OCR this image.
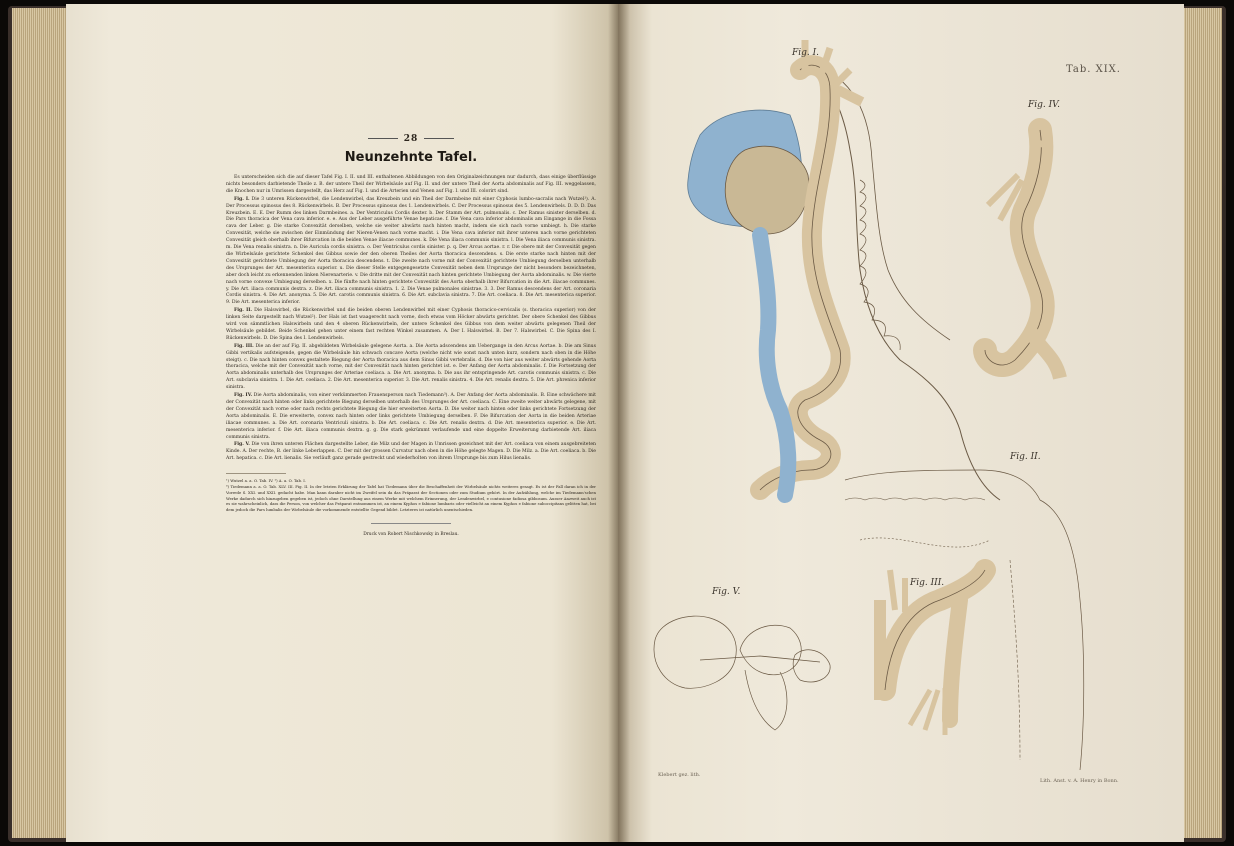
28
Neunzehnte Tafel.
Es unterscheiden sich die auf dieser Tafel Fig. I. II. und III. enthaltenen Abbildungen von den Originalzeichnungen nur dadurch, dass einige überflüssige nichts besonders darbietende Theile z. B. der untere Theil der Wirbelsäule auf Fig. II. und der untere Theil der Aorta abdominalis auf Fig. III. weggelassen, die Knochen nur in Umrissen dargestellt, das Herz auf Fig. I. und die Arterien und Venen auf Fig. I. und III. colorirt sind.
Fig. I. Die 3 unteren Rückenwirbel, die Lendenwirbel, das Kreuzbein und ein Theil der Darmbeine mit einer Cyphosis lumbo-sacralis nach Wutzel¹). A. Der Processus spinosus des 8. Rückenwirbels. B. Der Processus spinosus des 1. Lendenwirbels. C. Der Processus spinosus des 5. Lendenwirbels. D. D. D. Das Kreuzbein. E. E. Der Rumm des linken Darmbeines. a. Der Ventriculus Cordis dexter. b. Der Stamm der Art. pulmonalis. c. Der Ramus sinister derselben. d. Die Pars thoracica der Vena cava inferior. e. e. Aus der Leber ausgeführte Venae hepaticae. f. Die Vena cava inferior abdominalis am Eingange in die Fossa cava der Leber. g. Die starke Convexität derselben, welche sie weiter abwärts nach hinten macht, indem sie sich nach vorne umbiegt. h. Die starke Convexität, welche sie zwischen der Einmündung der Nieren-Venen nach vorne macht. i. Die Vena cava inferior mit ihrer unteren nach vorne gerichteten Convexität gleich oberhalb ihrer Bifurcation in die beiden Venae iliacae communes. k. Die Vena iliaca communis sinistra. l. Die Vena iliaca communis sinistra. m. Die Vena renalis sinistra. n. Die Auricula cordis sinistra. o. Der Ventriculus cordis sinister. p. q. Der Arcus aortae. r. r. Die obere mit der Convexität gegen die Wirbelsäule gerichtete Schenkel des Gibbus sowie der den oberen Theiles der Aorta thoracica descendens. s. Die erste starke nach hinten mit der Convexität gerichtete Umbiegung der Aorta thoracica descendens. t. Die zweite nach vorne mit der Convexität gerichtete Umbiegung derselben unterhalb des Ursprunges der Art. mesenterica superior. u. Die dieser Stelle entgegengesetzte Convexität neben dem Ursprunge der nicht besonders bezeichneten, aber doch leicht zu erkennenden linken Nierenarterie. v. Die dritte mit der Convexität nach hinten gerichtete Umbiegung der Aorta abdominalis. w. Die vierte nach vorne convexe Umbiegung derselben. x. Die fünfte nach hinten gerichtete Convexität des Aorta oberhalb ihrer Bifurcation in die Art. iliacae communes. y. Die Art. iliaca communis dextra. z. Die Art. iliaca communis sinistra. 1. 2. Die Venae pulmonales sinistrae. 3. 3. Der Ramus descendens der Art. coronaria Cordis sinistra. 4. Die Art. anonyma. 5. Die Art. carotis communis sinistra. 6. Die Art. subclavia sinistra. 7. Die Art. coeliaca. 8. Die Art. mesenterica superior. 9. Die Art. mesenterica inferior.
Fig. II. Die Halswirbel, die Rückenwirbel und die beiden oberen Lendenwirbel mit einer Cyphosis thoracico-cervicalis (s. thoracica superior) von der linken Seite dargestellt nach Wutzel²). Der Hals ist fast waagerecht nach vorne, doch etwas vom Höcker abwärts gerichtet. Der obere Schenkel des Gibbus wird von sämmtlichen Halswirbeln und den 4 oberen Rückenwirbeln, der untere Schenkel des Gibbus von dem weiter abwärts gelegenen Theil der Wirbelsäule gebildet. Beide Schenkel gehen unter einem fast rechten Winkel zusammen. A. Der I. Halswirbel. B. Der 7. Halswirbel. C. Die Spina des I. Rückenwirbels. D. Die Spina des I. Lendenwirbels.
Fig. III. Die an der auf Fig. II. abgebildeten Wirbelsäule gelegene Aorta. a. Die Aorta adscendens am Uebergange in den Arcus Aortae. b. Die am Sinus Gibbi vertikalis aufsteigende, gegen die Wirbelsäule hin schwach concave Aorta (welche nicht wie sonst nach unten kurz, sondern nach oben in die Höhe steigt). c. Die nach hinten convex gestaltete Biegung der Aorta thoracica aus dem Sinus Gibbi vertebralis. d. Die von hier aus weiter abwärts gehende Aorta thoracica, welche mit der Convexität nach vorne, mit der Convexität nach hinten gerichtet ist. e. Der Anfang der Aorta abdominalis. f. Die Fortsetzung der Aorta abdominalis unterhalb des Ursprunges der Arteriae coeliaca. a. Die Art. anonyma. b. Die aus ihr entspringende Art. carotis communis sinistra. c. Die Art. subclavia sinistra. 1. Die Art. coeliaca. 2. Die Art. mesenterica superior. 3. Die Art. renalis sinistra. 4. Die Art. renalis dextra. 5. Die Art. phrenica inferior sinistra.
Fig. IV. Die Aorta abdominalis, von einer verkümmerten Frauensperson nach Tiedemann³). A. Der Anfang der Aorta abdominalis. B. Eine schwächere mit der Convexität nach hinten oder links gerichtete Biegung derselben unterhalb des Ursprunges der Art. coeliaca. C. Eine zweite weiter abwärts gelegene, mit der Convexität nach vorne oder nach rechts gerichtete Biegung die hier erweiterten Aorta. D. Die weiter nach hinten oder links gerichtete Fortsetzung der Aorta abdominalis. E. Die erweiterte, convex nach hinten oder links gerichtete Umbiegung derselben. F. Die Bifurcation der Aorta in die beiden Arteriae iliacae communes. a. Die Art. coronaria Ventriculi sinistra. b. Die Art. coeliaca. c. Die Art. renalis dextra. d. Die Art. mesenterica superior. e. Die Art. mesenterica inferior. f. Die Art. iliaca communis dextra. g. g. Die stark gekrümmt verlaufende und eine doppelte Erweiterung darbietende Art. iliaca communis sinistra.
Fig. V. Die von ihren unteren Flächen dargestellte Leber, die Milz und der Magen in Umrissen gezeichnet mit der Art. coeliaca von einem ausgebreiteten Kinde. A. Der rechte, B. der linke Leberlappen. C. Der mit der grossen Curvatur nach oben in die Höhe gelegte Magen. D. Die Milz. a. Die Art. coeliaca. b. Die Art. hepatica. c. Die Art. lienalis. Sie verläuft ganz gerade gestreckt und wiederholten von ihrem Ursprunge bis zum Hilus lienalis.
¹) Wutzel a. a. O. Tab. IV. ²) A. a. O. Tab. I.
³) Tiedemann a. a. O. Tab. XLV. III. Fig. II. In der letzten Erklärung der Tafel hat Tiedemann über die Beschaffenheit der Wirbelsäule nichts weiteres gesagt. Es ist der Fall daran ich in der Vorrede S. XXI. und XXII. gedacht habe. Man kann daraber nicht im Zweifel sein da das Präparat der Sectionen oder zum Studium gehört. In der Aufzählung, welche im Tiedemann'schen Werke dadurch sich hinzugeben gegeben ist, jedoch ohne Darstellung aus einem Werke mit welchem Erinnerung, der Lendenwirbel, e contusione fadiosa gibbosum. Ausser Anzweit auch ist es sie wahrscheinlich, dass die Person, von welcher das Präparat entnommen ist, an einem Kyphos e fabione lumbaris oder vielleicht an einem Kyphos e fabione suboccipitans gelitten hat, bei dem jedoch die Pars lumbalis der Wirbelsäule die vorkommende entstellte Gegend bildet. Letzteres ist natürlich unentschieden.
Druck von Robert Nischkowsky in Breslau.
Tab. XIX.
Fig. I.
Fig. IV.
Fig. II.
Fig. III.
Fig. V.
Klebert gez. lith.
Lith. Anst. v. A. Henry in Bonn.
